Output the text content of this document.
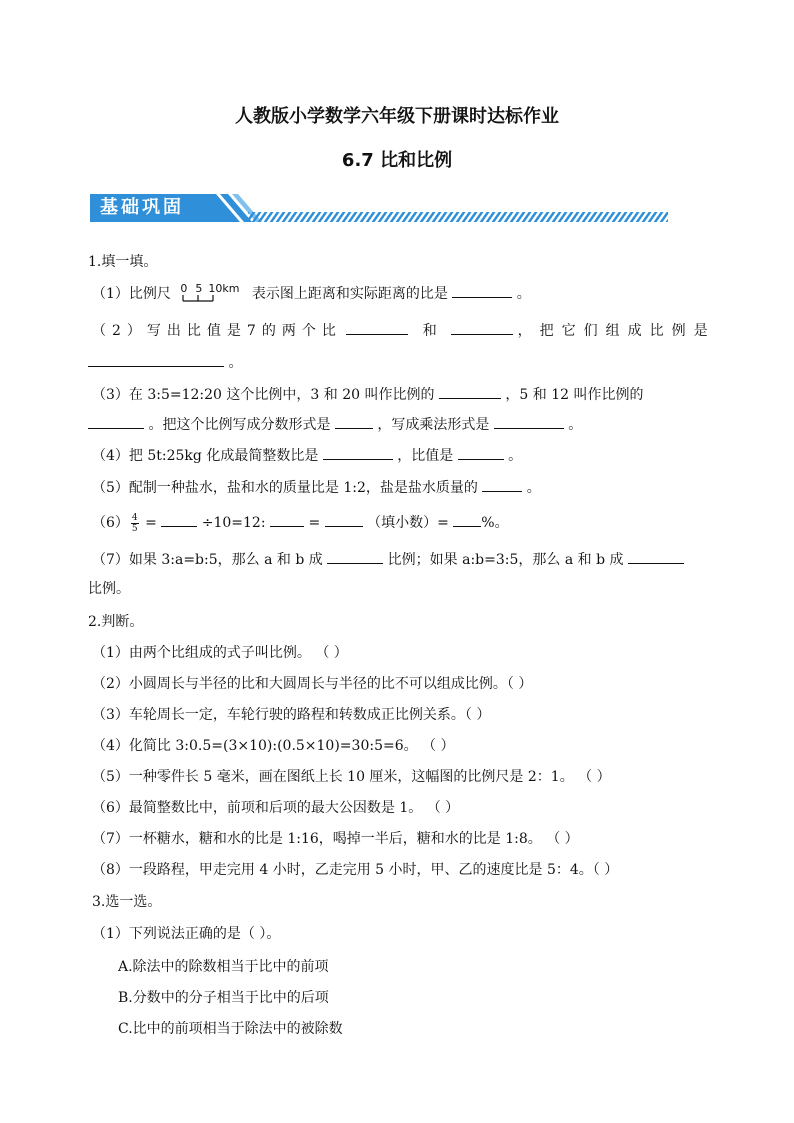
人教版小学数学六年级下册课时达标作业
6.7 比和比例
基础巩固
1.填一填。
（1）比例尺 0 5 10km 表示图上距离和实际距离的比是	。
（2）写出比值是7的两个比	和	，把它们组成比例是
。
（3）在 3:5=12:20 这个比例中，3 和 20 叫作比例的	，5 和 12 叫作比例的
。把这个比例写成分数形式是	，写成乘法形式是	。
（4）把 5t:25kg 化成最简整数比是	，比值是	。
（5）配制一种盐水，盐和水的质量比是 1:2，盐是盐水质量的	。
$(6) \frac{4}{5}$ =	÷10=12:	=	（填小数）= %。
（7）如果 3:a=b:5，那么 a 和 b 成	比例；如果 a:b=3:5，那么 a 和 b 成
比例。
2.判断。
（1）由两个比组成的式子叫比例。 （ ）
（2）小圆周长与半径的比和大圆周长与半径的比不可以组成比例。（ ）
（3）车轮周长一定，车轮行驶的路程和转数成正比例关系。（ ）
（4）化简比 3:0.5=(3×10):(0.5×10)=30:5=6。 （ ）
（5）一种零件长 5 毫米，画在图纸上长 10 厘米，这幅图的比例尺是 2：1。 （ ）
（6）最简整数比中，前项和后项的最大公因数是 1。 （ ）
（7）一杯糖水，糖和水的比是 1:16，喝掉一半后，糖和水的比是 1:8。 （ ）
（8）一段路程，甲走完用 4 小时，乙走完用 5 小时，甲、乙的速度比是 5：4。（ ）
3.选一选。
（1）下列说法正确的是（ ）。
A.除法中的除数相当于比中的前项
B.分数中的分子相当于比中的后项
C.比中的前项相当于除法中的被除数
